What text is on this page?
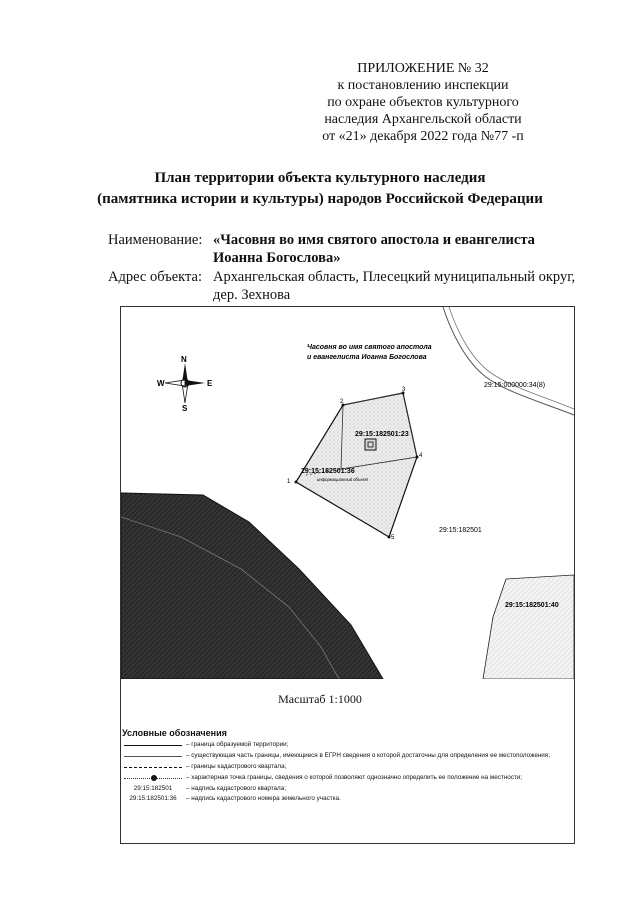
ПРИЛОЖЕНИЕ № 32
к постановлению инспекции
по охране объектов культурного
наследия Архангельской области
от «21» декабря 2022 года №77 -п
План территории объекта культурного наследия
(памятника истории и культуры) народов Российской Федерации
Наименование: «Часовня во имя святого апостола и евангелиста
Иоанна Богослова»
Адрес объекта: Архангельская область, Плесецкий муниципальный округ,
дер. Зехнова
1
2
3
4
5
Часовня во имя святого апостола
и евангелиста Иоанна Богослова
29:15:000000:34(8)
29:15:182501:23
29:15:182501:36
информационный объект
29:15:182501
29:15:182501:40
N
S
W	E
Масштаб 1:1000
Условные обозначения
– граница образуемой территории;
– существующая часть границы, имеющиеся в ЕГРН сведения о которой достаточны для определения ее местоположения;
– границы кадастрового квартала;
– характерная точка границы, сведения о которой позволяют однозначно определить ее положение на местности;
29:15:182501	– надпись кадастрового квартала;
29:15:182501:36	– надпись кадастрового номера земельного участка.
